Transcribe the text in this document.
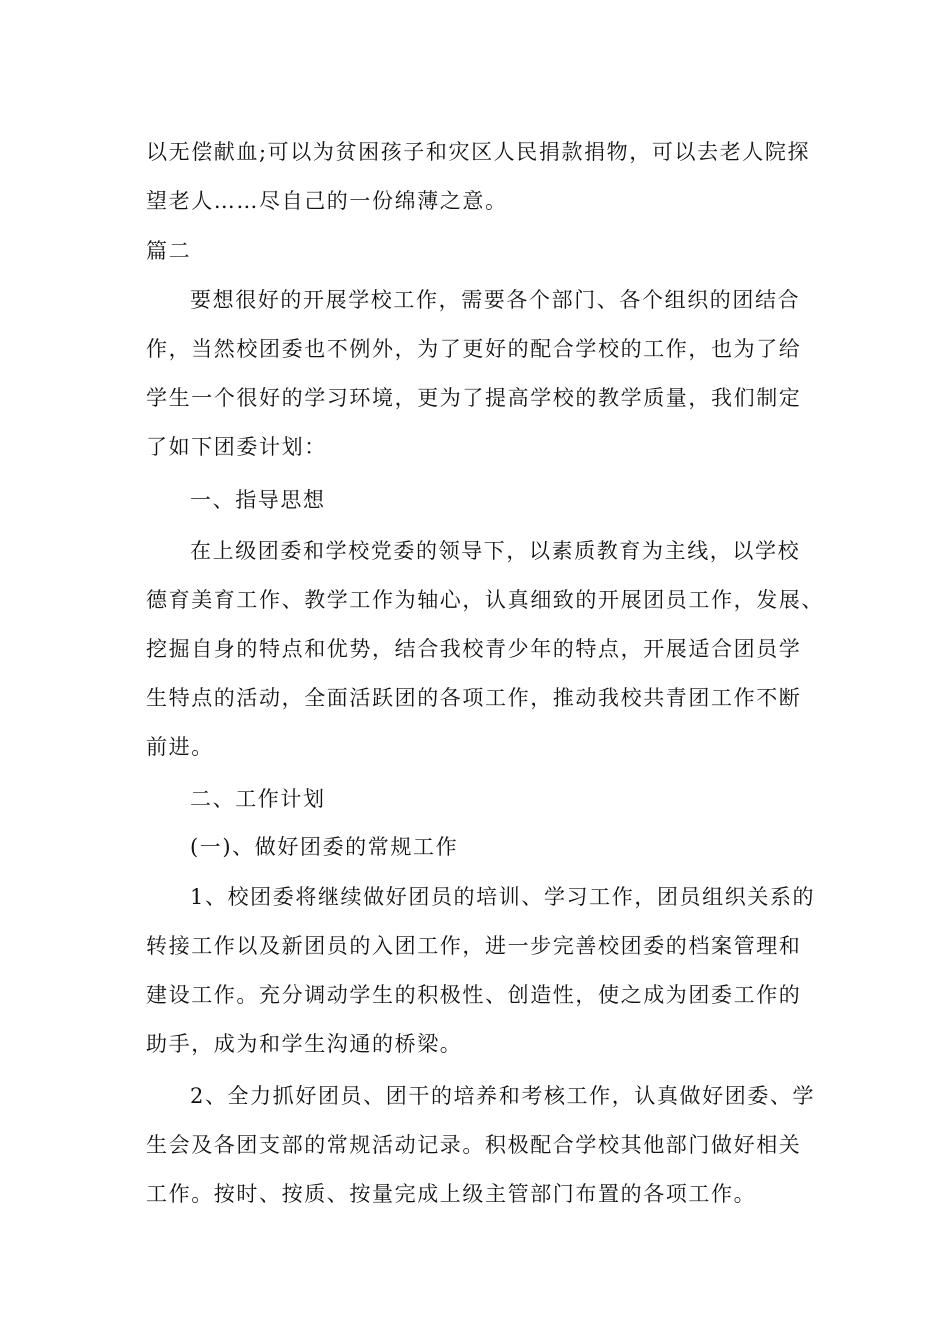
以无偿献血;可以为贫困孩子和灾区人民捐款捐物，可以去老人院探
望老人……尽自己的一份绵薄之意。
篇二
要想很好的开展学校工作，需要各个部门、各个组织的团结合
作，当然校团委也不例外，为了更好的配合学校的工作，也为了给
学生一个很好的学习环境，更为了提高学校的教学质量，我们制定
了如下团委计划：
一、指导思想
在上级团委和学校党委的领导下，以素质教育为主线，以学校
德育美育工作、教学工作为轴心，认真细致的开展团员工作，发展、
挖掘自身的特点和优势，结合我校青少年的特点，开展适合团员学
生特点的活动，全面活跃团的各项工作，推动我校共青团工作不断
前进。
二、工作计划
(一)、做好团委的常规工作
1、校团委将继续做好团员的培训、学习工作，团员组织关系的
转接工作以及新团员的入团工作，进一步完善校团委的档案管理和
建设工作。充分调动学生的积极性、创造性，使之成为团委工作的
助手，成为和学生沟通的桥梁。
2、全力抓好团员、团干的培养和考核工作，认真做好团委、学
生会及各团支部的常规活动记录。积极配合学校其他部门做好相关
工作。按时、按质、按量完成上级主管部门布置的各项工作。
